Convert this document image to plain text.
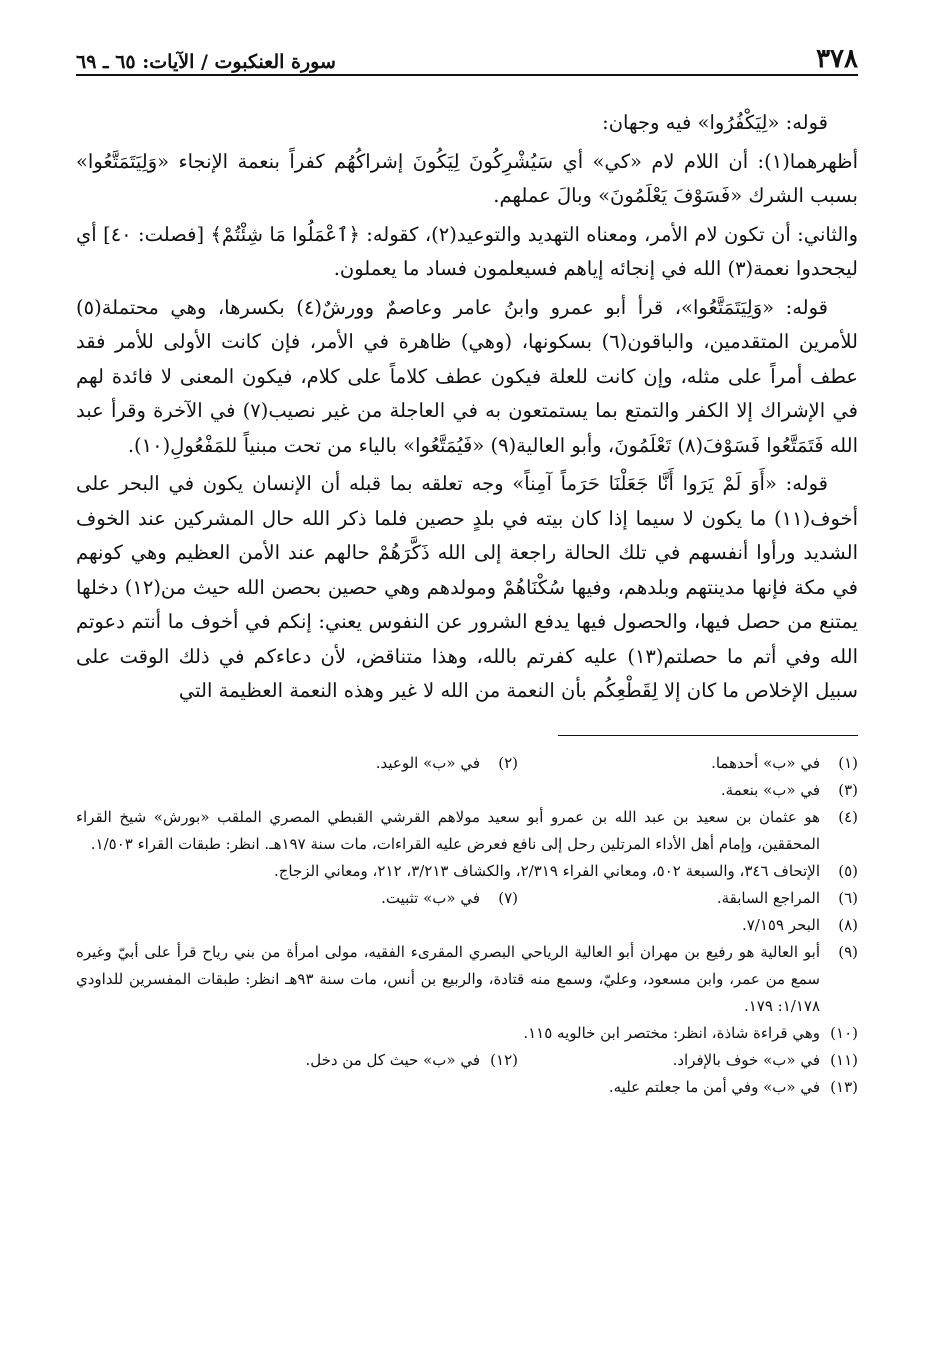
٣٧٨
سورة العنكبوت / الآيات: ٦٥ ـ ٦٩

قوله: «لِيَكْفُرُوا» فيه وجهان:

أظهرهما(١): أن اللام لام «كي» أي سَيُشْرِكُونَ لِيَكُونَ إشراكُهُم كفراً بنعمة الإنجاء «وَلِيَتَمَتَّعُوا» بسبب الشرك «فَسَوْفَ يَعْلَمُونَ» وبالَ عملهم.

والثاني: أن تكون لام الأمر، ومعناه التهديد والتوعيد(٢)، كقوله: ﴿ٱعْمَلُوا مَا شِئْتُمْ﴾ [فصلت: ٤٠] أي ليجحدوا نعمة(٣) الله في إنجائه إياهم فسيعلمون فساد ما يعملون.

قوله: «وَلِيَتَمَتَّعُوا»، قرأ أبو عمرو وابنُ عامر وعاصمٌ وورشٌ(٤) بكسرها، وهي محتملة(٥) للأمرين المتقدمين، والباقون(٦) بسكونها، (وهي) ظاهرة في الأمر، فإن كانت الأولى للأمر فقد عطف أمراً على مثله، وإن كانت للعلة فيكون عطف كلاماً على كلام، فيكون المعنى لا فائدة لهم في الإشراك إلا الكفر والتمتع بما يستمتعون به في العاجلة من غير نصيب(٧) في الآخرة وقرأ عبد الله فَتَمَتَّعُوا فَسَوْفَ(٨) تَعْلَمُونَ، وأبو العالية(٩) «فَيُمَتَّعُوا» بالياء من تحت مبنياً للمَفْعُولِ(١٠).

قوله: «أَوَ لَمْ يَرَوا أَنَّا جَعَلْنَا حَرَماً آمِناً» وجه تعلقه بما قبله أن الإنسان يكون في البحر على أخوف(١١) ما يكون لا سيما إذا كان بيته في بلدٍ حصين فلما ذكر الله حال المشركين عند الخوف الشديد ورأوا أنفسهم في تلك الحالة راجعة إلى الله ذَكَّرَهُمْ حالهم عند الأمن العظيم وهي كونهم في مكة فإنها مدينتهم وبلدهم، وفيها سُكْنَاهُمْ ومولدهم وهي حصين بحصن الله حيث من(١٢) دخلها يمتنع من حصل فيها، والحصول فيها يدفع الشرور عن النفوس يعني: إنكم في أخوف ما أنتم دعوتم الله وفي أتم ما حصلتم(١٣) عليه كفرتم بالله، وهذا متناقض، لأن دعاءكم في ذلك الوقت على سبيل الإخلاص ما كان إلا لِقَطْعِكُم بأن النعمة من الله لا غير وهذه النعمة العظيمة التي

(١)
في «ب» أحدهما.
(٢)
في «ب» الوعيد.
(٣)
في «ب» بنعمة.
(٤)
هو عثمان بن سعيد بن عبد الله بن عمرو أبو سعيد مولاهم القرشي القبطي المصري الملقب «بورش» شيخ القراء المحققين، وإمام أهل الأداء المرتلين رحل إلى نافع فعرض عليه القراءات، مات سنة ١٩٧هـ. انظر: طبقات القراء ١/٥٠٣.
(٥)
الإتحاف ٣٤٦، والسبعة ٥٠٢، ومعاني الفراء ٢/٣١٩، والكشاف ٣/٢١٣، ٢١٢، ومعاني الزجاج.
(٦)
المراجع السابقة.
(٧)
في «ب» تثبيت.
(٨)
البحر ٧/١٥٩.
(٩)
أبو العالية هو رفيع بن مهران أبو العالية الرياحي البصري المقرىء الفقيه، مولى امرأة من بني رياح قرأ على أبيّ وغيره سمع من عمر، وابن مسعود، وعليّ، وسمع منه قتادة، والربيع بن أنس، مات سنة ٩٣هـ انظر: طبقات المفسرين للداودي ١/١٧٨: ١٧٩.
(١٠)
وهي قراءة شاذة، انظر: مختصر ابن خالويه ١١٥.
(١١)
في «ب» خوف بالإفراد.
(١٢)
في «ب» حيث كل من دخل.
(١٣)
في «ب» وفي أمن ما جعلتم عليه.
